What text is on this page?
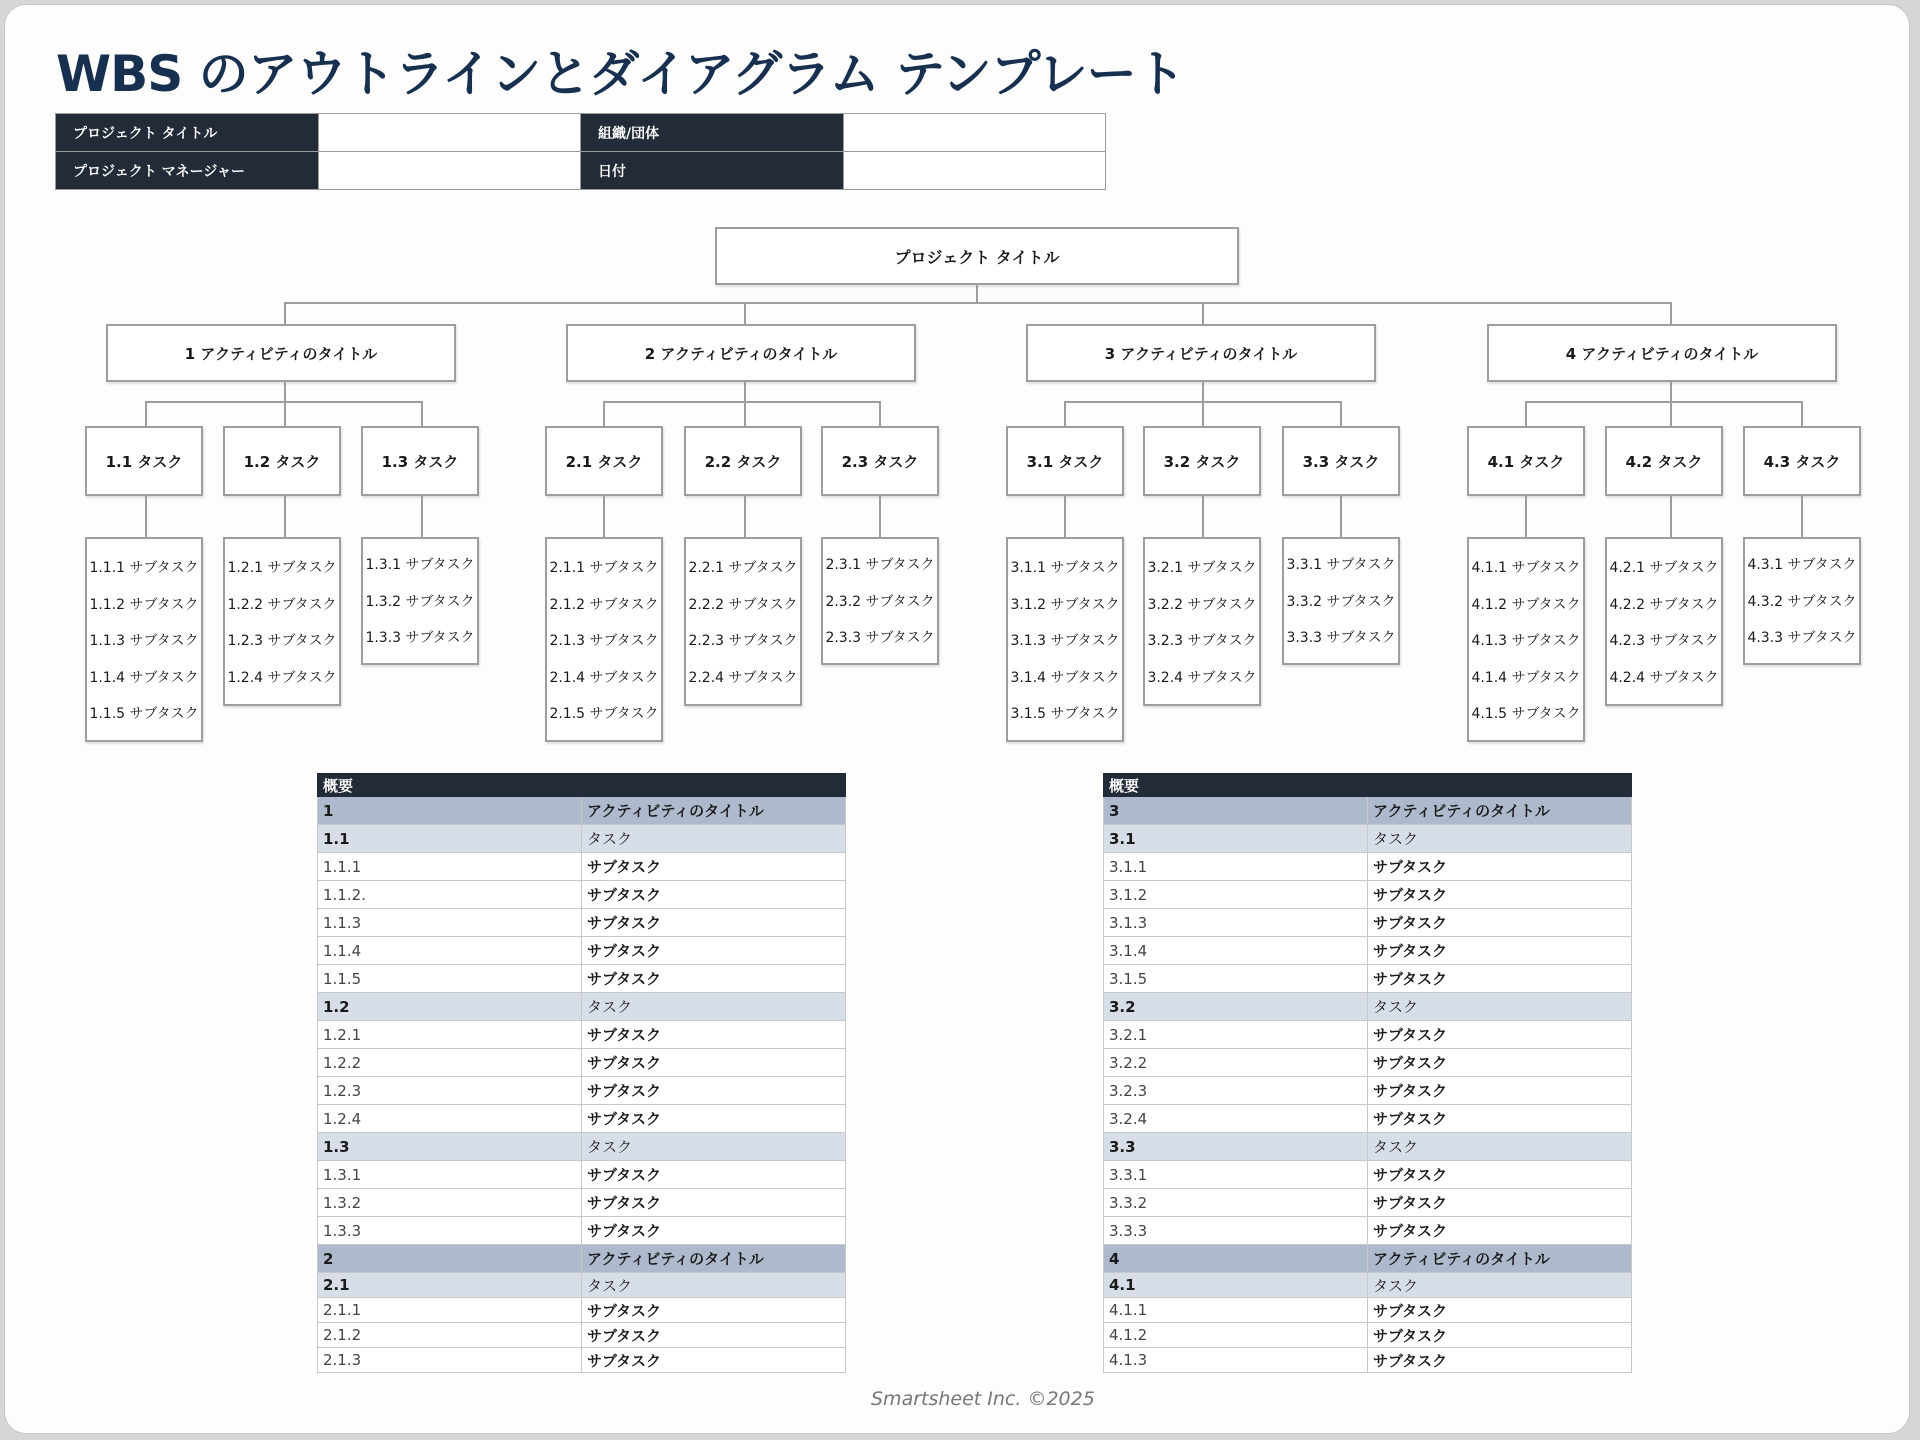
WBS のアウトラインとダイアグラム テンプレート
プロジェクト タイトル		組織/団体	
プロジェクト マネージャー		日付	
プロジェクト タイトル
1 アクティビティのタイトル	2 アクティビティのタイトル	3 アクティビティのタイトル	4 アクティビティのタイトル
1.1 タスク	1.2 タスク	1.3 タスク	2.1 タスク	2.2 タスク	2.3 タスク	3.1 タスク	3.2 タスク	3.3 タスク	4.1 タスク	4.2 タスク	4.3 タスク
1.1.1 サブタスク
1.1.2 サブタスク
1.1.3 サブタスク
1.1.4 サブタスク
1.1.5 サブタスク
1.2.1 サブタスク
1.2.2 サブタスク
1.2.3 サブタスク
1.2.4 サブタスク
1.3.1 サブタスク
1.3.2 サブタスク
1.3.3 サブタスク
2.1.1 サブタスク
2.1.2 サブタスク
2.1.3 サブタスク
2.1.4 サブタスク
2.1.5 サブタスク
2.2.1 サブタスク
2.2.2 サブタスク
2.2.3 サブタスク
2.2.4 サブタスク
2.3.1 サブタスク
2.3.2 サブタスク
2.3.3 サブタスク
3.1.1 サブタスク
3.1.2 サブタスク
3.1.3 サブタスク
3.1.4 サブタスク
3.1.5 サブタスク
3.2.1 サブタスク
3.2.2 サブタスク
3.2.3 サブタスク
3.2.4 サブタスク
3.3.1 サブタスク
3.3.2 サブタスク
3.3.3 サブタスク
4.1.1 サブタスク
4.1.2 サブタスク
4.1.3 サブタスク
4.1.4 サブタスク
4.1.5 サブタスク
4.2.1 サブタスク
4.2.2 サブタスク
4.2.3 サブタスク
4.2.4 サブタスク
4.3.1 サブタスク
4.3.2 サブタスク
4.3.3 サブタスク
概要	
1	アクティビティのタイトル
1.1	タスク
1.1.1	サブタスク
1.1.2.	サブタスク
1.1.3	サブタスク
1.1.4	サブタスク
1.1.5	サブタスク
1.2	タスク
1.2.1	サブタスク
1.2.2	サブタスク
1.2.3	サブタスク
1.2.4	サブタスク
1.3	タスク
1.3.1	サブタスク
1.3.2	サブタスク
1.3.3	サブタスク
2	アクティビティのタイトル
2.1	タスク
2.1.1	サブタスク
2.1.2	サブタスク
2.1.3	サブタスク
概要	
3	アクティビティのタイトル
3.1	タスク
3.1.1	サブタスク
3.1.2	サブタスク
3.1.3	サブタスク
3.1.4	サブタスク
3.1.5	サブタスク
3.2	タスク
3.2.1	サブタスク
3.2.2	サブタスク
3.2.3	サブタスク
3.2.4	サブタスク
3.3	タスク
3.3.1	サブタスク
3.3.2	サブタスク
3.3.3	サブタスク
4	アクティビティのタイトル
4.1	タスク
4.1.1	サブタスク
4.1.2	サブタスク
4.1.3	サブタスク
Smartsheet Inc. ©2025
